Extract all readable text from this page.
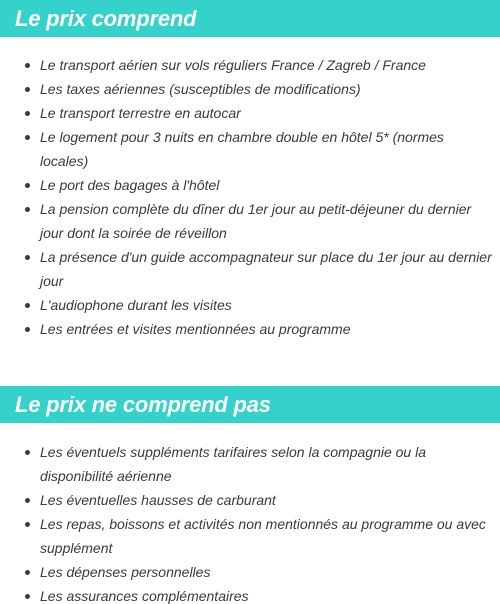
Le prix comprend
Le transport aérien sur vols réguliers France / Zagreb / France
Les taxes aériennes (susceptibles de modifications)
Le transport terrestre en autocar
Le logement pour 3 nuits en chambre double en hôtel 5* (normes locales)
Le port des bagages à l'hôtel
La pension complète du dîner du 1er jour au petit-déjeuner du dernier jour dont la soirée de réveillon
La présence d'un guide accompagnateur sur place du 1er jour au dernier jour
L'audiophone durant les visites
Les entrées et visites mentionnées au programme
Le prix ne comprend pas
Les éventuels suppléments tarifaires selon la compagnie ou la disponibilité aérienne
Les éventuelles hausses de carburant
Les repas, boissons et activités non mentionnés au programme ou avec supplément
Les dépenses personnelles
Les assurances complémentaires
